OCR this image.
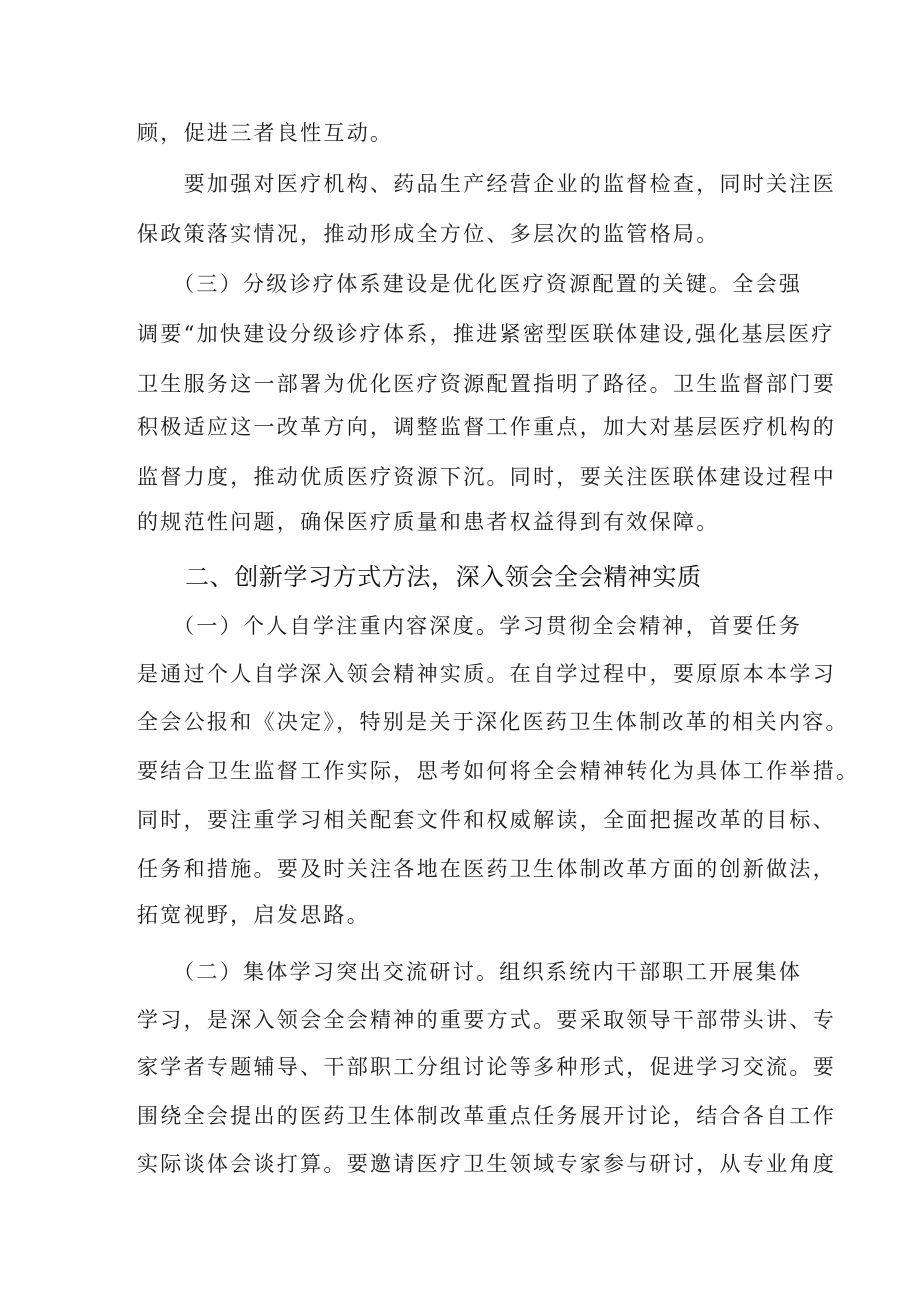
顾，促进三者良性互动。
　　要加强对医疗机构、药品生产经营企业的监督检查，同时关注医
保政策落实情况，推动形成全方位、多层次的监管格局。
　　（三）分级诊疗体系建设是优化医疗资源配置的关键。全会强
调要“加快建设分级诊疗体系，推进紧密型医联体建设,强化基层医疗
卫生服务这一部署为优化医疗资源配置指明了路径。卫生监督部门要
积极适应这一改革方向，调整监督工作重点，加大对基层医疗机构的
监督力度，推动优质医疗资源下沉。同时，要关注医联体建设过程中
的规范性问题，确保医疗质量和患者权益得到有效保障。
二、创新学习方式方法，深入领会全会精神实质
　　（一）个人自学注重内容深度。学习贯彻全会精神，首要任务
是通过个人自学深入领会精神实质。在自学过程中，要原原本本学习
全会公报和《决定》，特别是关于深化医药卫生体制改革的相关内容。
要结合卫生监督工作实际，思考如何将全会精神转化为具体工作举措。
同时，要注重学习相关配套文件和权威解读，全面把握改革的目标、
任务和措施。要及时关注各地在医药卫生体制改革方面的创新做法，
拓宽视野，启发思路。
　　（二）集体学习突出交流研讨。组织系统内干部职工开展集体
学习，是深入领会全会精神的重要方式。要采取领导干部带头讲、专
家学者专题辅导、干部职工分组讨论等多种形式，促进学习交流。要
围绕全会提出的医药卫生体制改革重点任务展开讨论，结合各自工作
实际谈体会谈打算。要邀请医疗卫生领域专家参与研讨，从专业角度
